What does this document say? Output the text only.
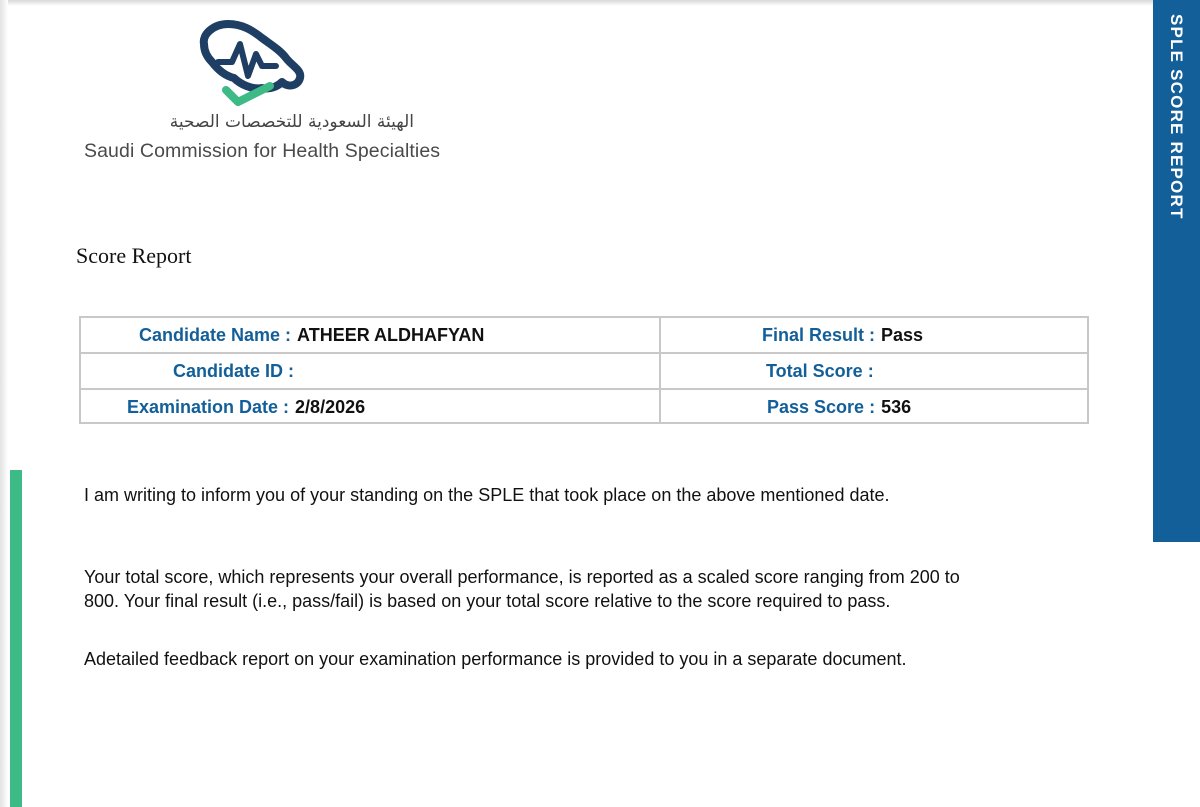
SPLE SCORE REPORT
الهيئة السعودية للتخصصات الصحية
Saudi Commission for Health Specialties
Score Report
Candidate Name : ATHEER ALDHAFYAN
Candidate ID :
Examination Date : 2/8/2026
Final Result : Pass
Total Score :
Pass Score : 536
I am writing to inform you of your standing on the SPLE that took place on the above mentioned date.
Your total score, which represents your overall performance, is reported as a scaled score ranging from 200 to
800. Your final result (i.e., pass/fail) is based on your total score relative to the score required to pass.
Adetailed feedback report on your examination performance is provided to you in a separate document.
